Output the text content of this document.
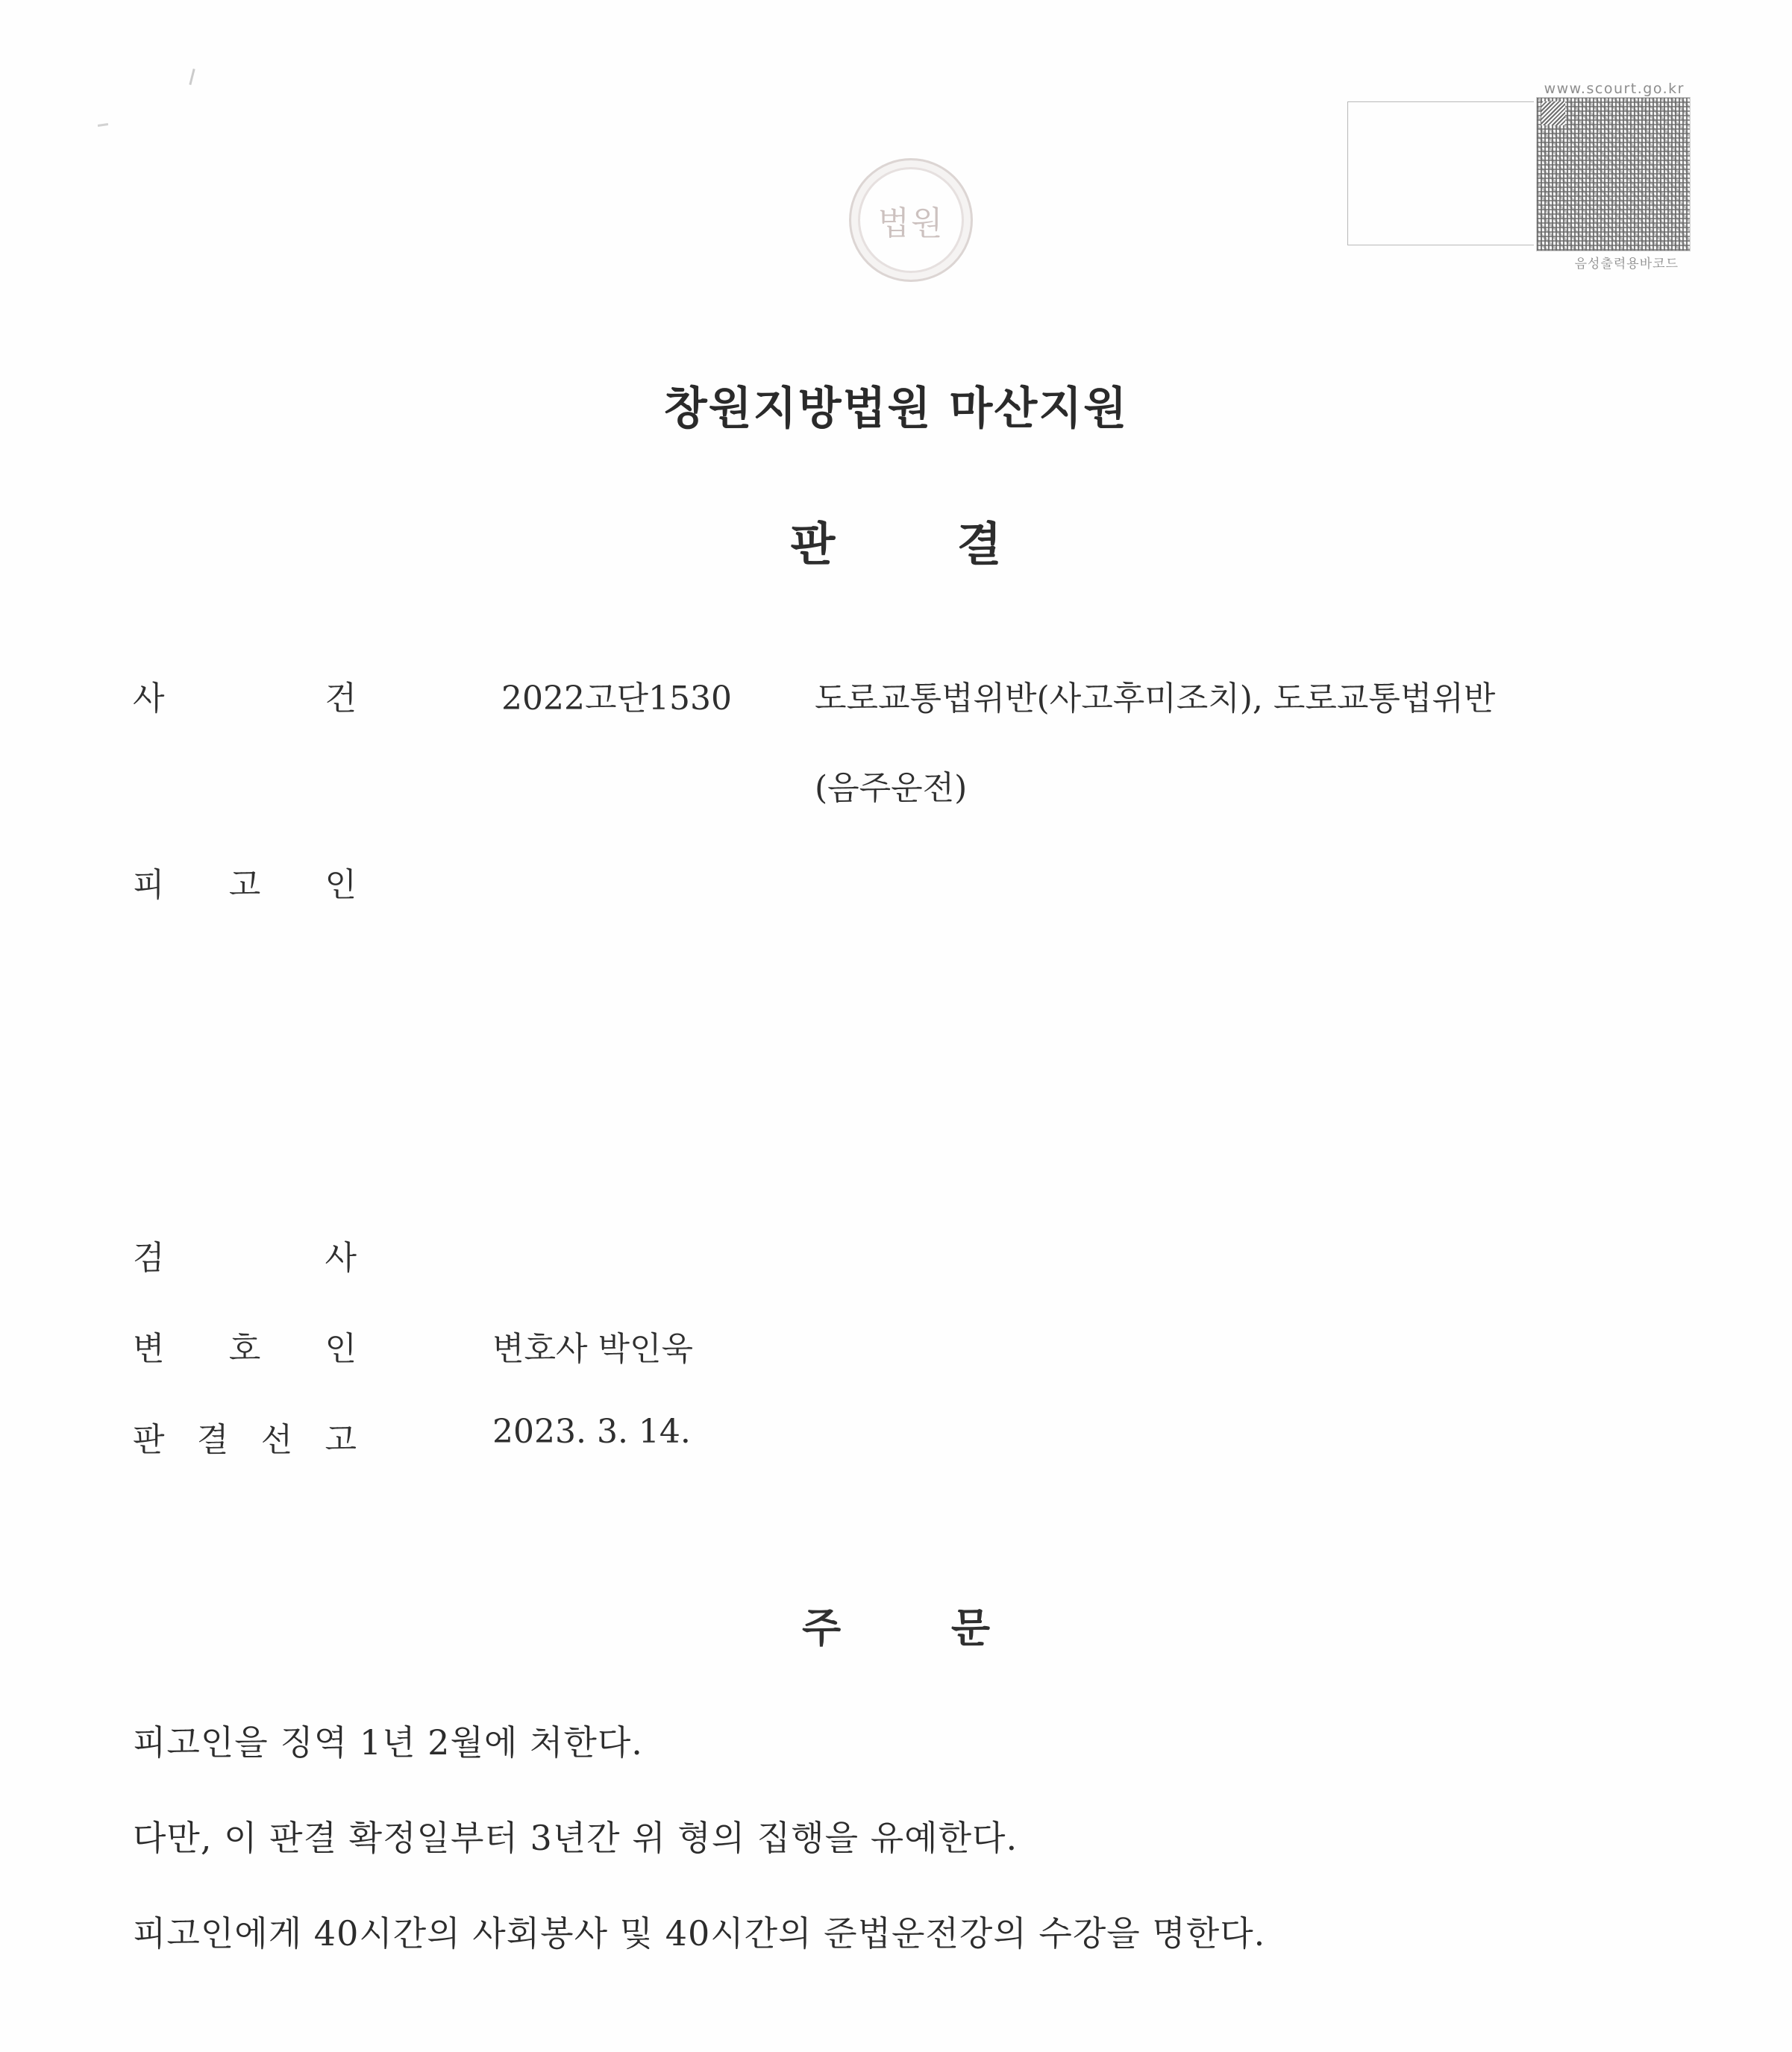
www.scourt.go.kr
음성출력용바코드
법원
창원지방법원 마산지원
판	결
사	건	2022고단1530	도로교통법위반(사고후미조치), 도로교통법위반
(음주운전)
피 고 인
검	사
변 호 인	변호사 박인욱
판 결 선 고	2023. 3. 14.
주	문
피고인을 징역 1년 2월에 처한다.
다만, 이 판결 확정일부터 3년간 위 형의 집행을 유예한다.
피고인에게 40시간의 사회봉사 및 40시간의 준법운전강의 수강을 명한다.
